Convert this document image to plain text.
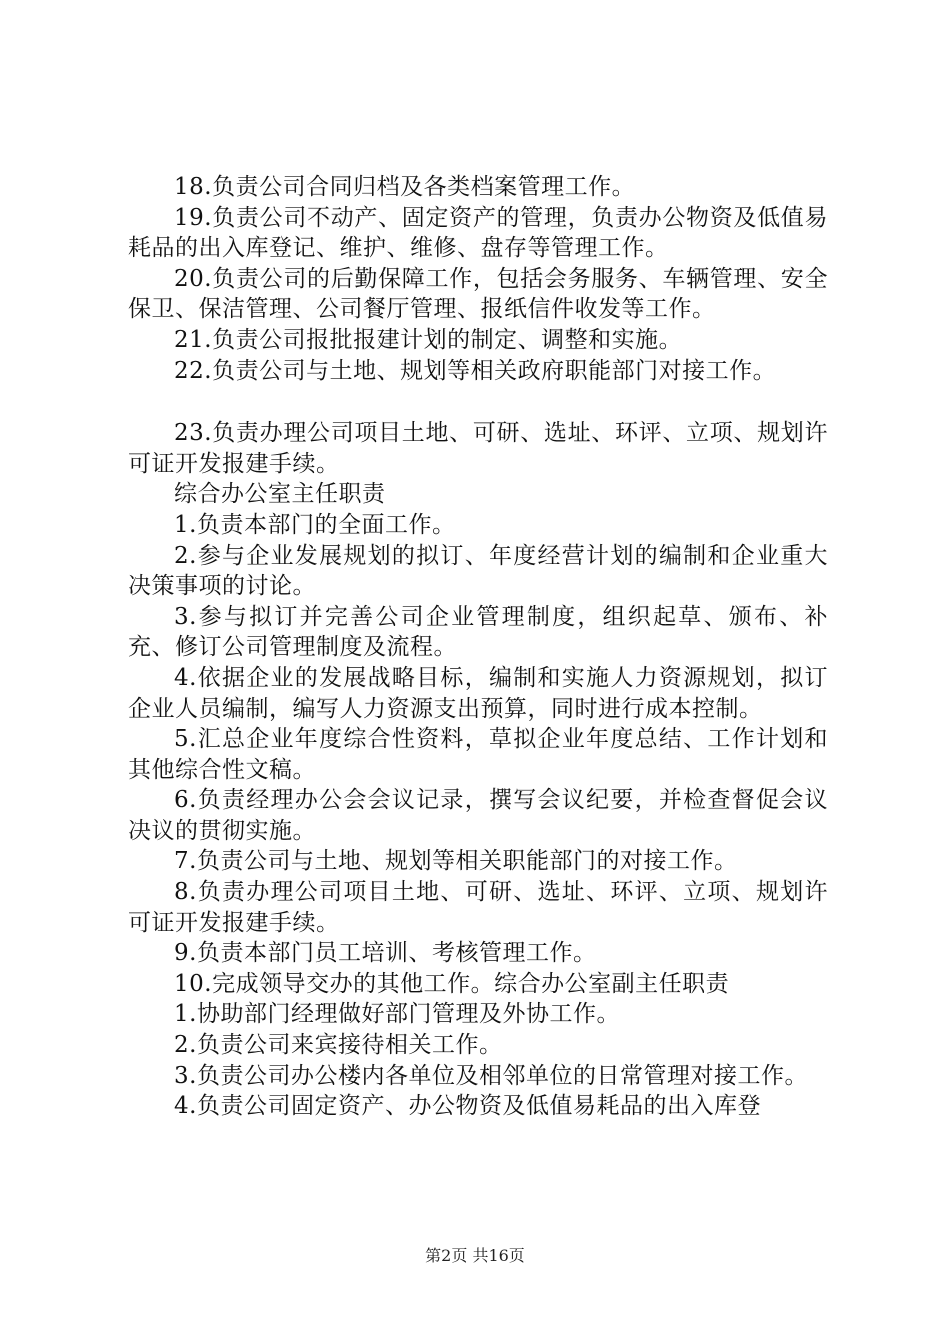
18.负责公司合同归档及各类档案管理工作。

19.负责公司不动产、固定资产的管理，负责办公物资及低值易耗品的出入库登记、维护、维修、盘存等管理工作。

20.负责公司的后勤保障工作，包括会务服务、车辆管理、安全保卫、保洁管理、公司餐厅管理、报纸信件收发等工作。

21.负责公司报批报建计划的制定、调整和实施。

22.负责公司与土地、规划等相关政府职能部门对接工作。

23.负责办理公司项目土地、可研、选址、环评、立项、规划许可证开发报建手续。

综合办公室主任职责

1.负责本部门的全面工作。

2.参与企业发展规划的拟订、年度经营计划的编制和企业重大决策事项的讨论。

3.参与拟订并完善公司企业管理制度，组织起草、颁布、补充、修订公司管理制度及流程。

4.依据企业的发展战略目标，编制和实施人力资源规划，拟订企业人员编制，编写人力资源支出预算，同时进行成本控制。

5.汇总企业年度综合性资料，草拟企业年度总结、工作计划和其他综合性文稿。

6.负责经理办公会会议记录，撰写会议纪要，并检查督促会议决议的贯彻实施。

7.负责公司与土地、规划等相关职能部门的对接工作。

8.负责办理公司项目土地、可研、选址、环评、立项、规划许可证开发报建手续。

9.负责本部门员工培训、考核管理工作。

10.完成领导交办的其他工作。综合办公室副主任职责

1.协助部门经理做好部门管理及外协工作。

2.负责公司来宾接待相关工作。

3.负责公司办公楼内各单位及相邻单位的日常管理对接工作。

4.负责公司固定资产、办公物资及低值易耗品的出入库登

第2页 共16页
